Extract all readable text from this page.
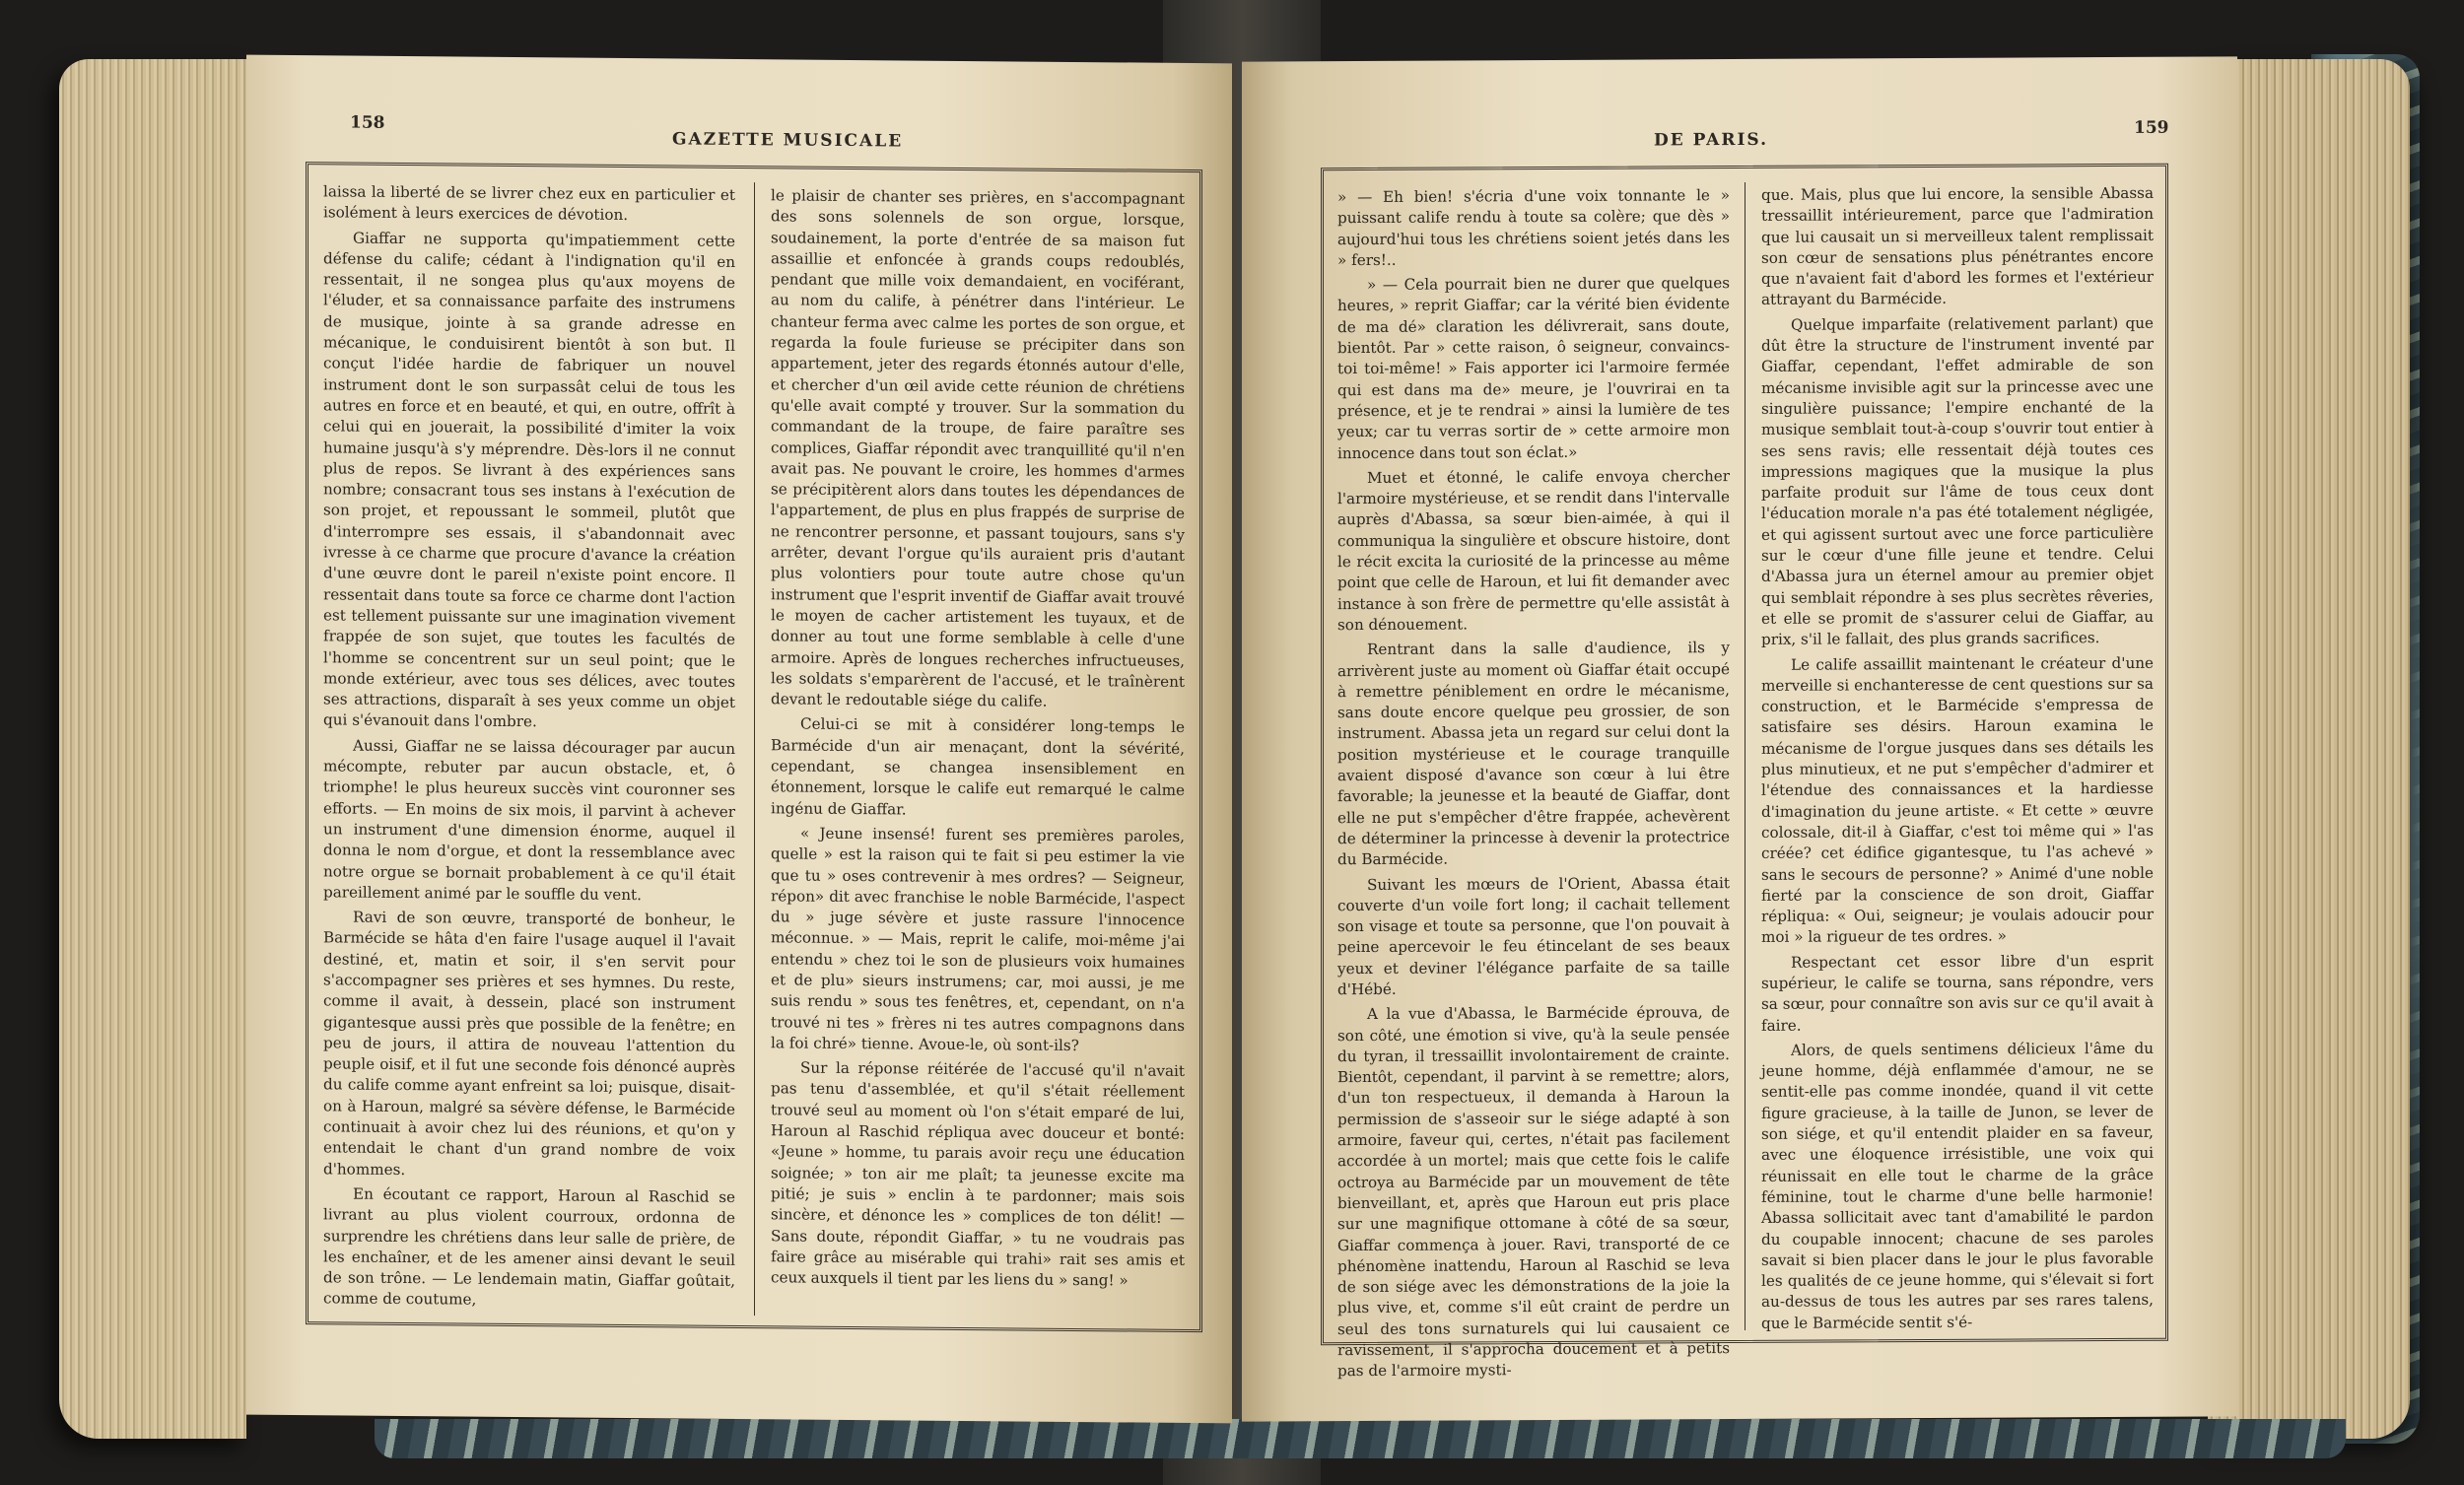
158
GAZETTE MUSICALE

laissa la liberté de se livrer chez eux en particulier et isolément à leurs exercices de dévotion.

Giaffar ne supporta qu'impatiemment cette défense du calife; cédant à l'indignation qu'il en ressentait, il ne songea plus qu'aux moyens de l'éluder, et sa connaissance parfaite des instrumens de musique, jointe à sa grande adresse en mécanique, le conduisirent bientôt à son but. Il conçut l'idée hardie de fabriquer un nouvel instrument dont le son surpassât celui de tous les autres en force et en beauté, et qui, en outre, offrît à celui qui en jouerait, la possibilité d'imiter la voix humaine jusqu'à s'y méprendre. Dès-lors il ne connut plus de repos. Se livrant à des expériences sans nombre; consacrant tous ses instans à l'exécution de son projet, et repoussant le sommeil, plutôt que d'interrompre ses essais, il s'abandonnait avec ivresse à ce charme que procure d'avance la création d'une œuvre dont le pareil n'existe point encore. Il ressentait dans toute sa force ce charme dont l'action est tellement puissante sur une imagination vivement frappée de son sujet, que toutes les facultés de l'homme se concentrent sur un seul point; que le monde extérieur, avec tous ses délices, avec toutes ses attractions, disparaît à ses yeux comme un objet qui s'évanouit dans l'ombre.

Aussi, Giaffar ne se laissa décourager par aucun mécompte, rebuter par aucun obstacle, et, ô triomphe! le plus heureux succès vint couronner ses efforts. — En moins de six mois, il parvint à achever un instrument d'une dimension énorme, auquel il donna le nom d'orgue, et dont la ressemblance avec notre orgue se bornait probablement à ce qu'il était pareillement animé par le souffle du vent.

Ravi de son œuvre, transporté de bonheur, le Barmécide se hâta d'en faire l'usage auquel il l'avait destiné, et, matin et soir, il s'en servit pour s'accompagner ses prières et ses hymnes. Du reste, comme il avait, à dessein, placé son instrument gigantesque aussi près que possible de la fenêtre; en peu de jours, il attira de nouveau l'attention du peuple oisif, et il fut une seconde fois dénoncé auprès du calife comme ayant enfreint sa loi; puisque, disait-on à Haroun, malgré sa sévère défense, le Barmécide continuait à avoir chez lui des réunions, et qu'on y entendait le chant d'un grand nombre de voix d'hommes.

En écoutant ce rapport, Haroun al Raschid se livrant au plus violent courroux, ordonna de surprendre les chrétiens dans leur salle de prière, de les enchaîner, et de les amener ainsi devant le seuil de son trône. — Le lendemain matin, Giaffar goûtait, comme de coutume,

le plaisir de chanter ses prières, en s'accompagnant des sons solennels de son orgue, lorsque, soudainement, la porte d'entrée de sa maison fut assaillie et enfoncée à grands coups redoublés, pendant que mille voix demandaient, en vociférant, au nom du calife, à pénétrer dans l'intérieur. Le chanteur ferma avec calme les portes de son orgue, et regarda la foule furieuse se précipiter dans son appartement, jeter des regards étonnés autour d'elle, et chercher d'un œil avide cette réunion de chrétiens qu'elle avait compté y trouver. Sur la sommation du commandant de la troupe, de faire paraître ses complices, Giaffar répondit avec tranquillité qu'il n'en avait pas. Ne pouvant le croire, les hommes d'armes se précipitèrent alors dans toutes les dépendances de l'appartement, de plus en plus frappés de surprise de ne rencontrer personne, et passant toujours, sans s'y arrêter, devant l'orgue qu'ils auraient pris d'autant plus volontiers pour toute autre chose qu'un instrument que l'esprit inventif de Giaffar avait trouvé le moyen de cacher artistement les tuyaux, et de donner au tout une forme semblable à celle d'une armoire. Après de longues recherches infructueuses, les soldats s'emparèrent de l'accusé, et le traînèrent devant le redoutable siége du calife.

Celui-ci se mit à considérer long-temps le Barmécide d'un air menaçant, dont la sévérité, cependant, se changea insensiblement en étonnement, lorsque le calife eut remarqué le calme ingénu de Giaffar.

« Jeune insensé! furent ses premières paroles, quelle » est la raison qui te fait si peu estimer la vie que tu » oses contrevenir à mes ordres? — Seigneur, répon» dit avec franchise le noble Barmécide, l'aspect du » juge sévère et juste rassure l'innocence méconnue. » — Mais, reprit le calife, moi-même j'ai entendu » chez toi le son de plusieurs voix humaines et de plu» sieurs instrumens; car, moi aussi, je me suis rendu » sous tes fenêtres, et, cependant, on n'a trouvé ni tes » frères ni tes autres compagnons dans la foi chré» tienne. Avoue-le, où sont-ils?

Sur la réponse réitérée de l'accusé qu'il n'avait pas tenu d'assemblée, et qu'il s'était réellement trouvé seul au moment où l'on s'était emparé de lui, Haroun al Raschid répliqua avec douceur et bonté: «Jeune » homme, tu parais avoir reçu une éducation soignée; » ton air me plaît; ta jeunesse excite ma pitié; je suis » enclin à te pardonner; mais sois sincère, et dénonce les » complices de ton délit! — Sans doute, répondit Giaffar, » tu ne voudrais pas faire grâce au misérable qui trahi» rait ses amis et ceux auxquels il tient par les liens du » sang! »

DE PARIS.
159

» — Eh bien! s'écria d'une voix tonnante le » puissant calife rendu à toute sa colère; que dès » aujourd'hui tous les chrétiens soient jetés dans les » fers!..

» — Cela pourrait bien ne durer que quelques heures, » reprit Giaffar; car la vérité bien évidente de ma dé» claration les délivrerait, sans doute, bientôt. Par » cette raison, ô seigneur, convaincs-toi toi-même! » Fais apporter ici l'armoire fermée qui est dans ma de» meure, je l'ouvrirai en ta présence, et je te rendrai » ainsi la lumière de tes yeux; car tu verras sortir de » cette armoire mon innocence dans tout son éclat.»

Muet et étonné, le calife envoya chercher l'armoire mystérieuse, et se rendit dans l'intervalle auprès d'Abassa, sa sœur bien-aimée, à qui il communiqua la singulière et obscure histoire, dont le récit excita la curiosité de la princesse au même point que celle de Haroun, et lui fit demander avec instance à son frère de permettre qu'elle assistât à son dénouement.

Rentrant dans la salle d'audience, ils y arrivèrent juste au moment où Giaffar était occupé à remettre péniblement en ordre le mécanisme, sans doute encore quelque peu grossier, de son instrument. Abassa jeta un regard sur celui dont la position mystérieuse et le courage tranquille avaient disposé d'avance son cœur à lui être favorable; la jeunesse et la beauté de Giaffar, dont elle ne put s'empêcher d'être frappée, achevèrent de déterminer la princesse à devenir la protectrice du Barmécide.

Suivant les mœurs de l'Orient, Abassa était couverte d'un voile fort long; il cachait tellement son visage et toute sa personne, que l'on pouvait à peine apercevoir le feu étincelant de ses beaux yeux et deviner l'élégance parfaite de sa taille d'Hébé.

A la vue d'Abassa, le Barmécide éprouva, de son côté, une émotion si vive, qu'à la seule pensée du tyran, il tressaillit involontairement de crainte. Bientôt, cependant, il parvint à se remettre; alors, d'un ton respectueux, il demanda à Haroun la permission de s'asseoir sur le siége adapté à son armoire, faveur qui, certes, n'était pas facilement accordée à un mortel; mais que cette fois le calife octroya au Barmécide par un mouvement de tête bienveillant, et, après que Haroun eut pris place sur une magnifique ottomane à côté de sa sœur, Giaffar commença à jouer. Ravi, transporté de ce phénomène inattendu, Haroun al Raschid se leva de son siége avec les démonstrations de la joie la plus vive, et, comme s'il eût craint de perdre un seul des tons surnaturels qui lui causaient ce ravissement, il s'approcha doucement et à petits pas de l'armoire mysti-

que. Mais, plus que lui encore, la sensible Abassa tressaillit intérieurement, parce que l'admiration que lui causait un si merveilleux talent remplissait son cœur de sensations plus pénétrantes encore que n'avaient fait d'abord les formes et l'extérieur attrayant du Barmécide.

Quelque imparfaite (relativement parlant) que dût être la structure de l'instrument inventé par Giaffar, cependant, l'effet admirable de son mécanisme invisible agit sur la princesse avec une singulière puissance; l'empire enchanté de la musique semblait tout-à-coup s'ouvrir tout entier à ses sens ravis; elle ressentait déjà toutes ces impressions magiques que la musique la plus parfaite produit sur l'âme de tous ceux dont l'éducation morale n'a pas été totalement négligée, et qui agissent surtout avec une force particulière sur le cœur d'une fille jeune et tendre. Celui d'Abassa jura un éternel amour au premier objet qui semblait répondre à ses plus secrètes rêveries, et elle se promit de s'assurer celui de Giaffar, au prix, s'il le fallait, des plus grands sacrifices.

Le calife assaillit maintenant le créateur d'une merveille si enchanteresse de cent questions sur sa construction, et le Barmécide s'empressa de satisfaire ses désirs. Haroun examina le mécanisme de l'orgue jusques dans ses détails les plus minutieux, et ne put s'empêcher d'admirer et l'étendue des connaissances et la hardiesse d'imagination du jeune artiste. « Et cette » œuvre colossale, dit-il à Giaffar, c'est toi même qui » l'as créée? cet édifice gigantesque, tu l'as achevé » sans le secours de personne? » Animé d'une noble fierté par la conscience de son droit, Giaffar répliqua: « Oui, seigneur; je voulais adoucir pour moi » la rigueur de tes ordres. »

Respectant cet essor libre d'un esprit supérieur, le calife se tourna, sans répondre, vers sa sœur, pour connaître son avis sur ce qu'il avait à faire.

Alors, de quels sentimens délicieux l'âme du jeune homme, déjà enflammée d'amour, ne se sentit-elle pas comme inondée, quand il vit cette figure gracieuse, à la taille de Junon, se lever de son siége, et qu'il entendit plaider en sa faveur, avec une éloquence irrésistible, une voix qui réunissait en elle tout le charme de la grâce féminine, tout le charme d'une belle harmonie! Abassa sollicitait avec tant d'amabilité le pardon du coupable innocent; chacune de ses paroles savait si bien placer dans le jour le plus favorable les qualités de ce jeune homme, qui s'élevait si fort au-dessus de tous les autres par ses rares talens, que le Barmécide sentit s'é-
